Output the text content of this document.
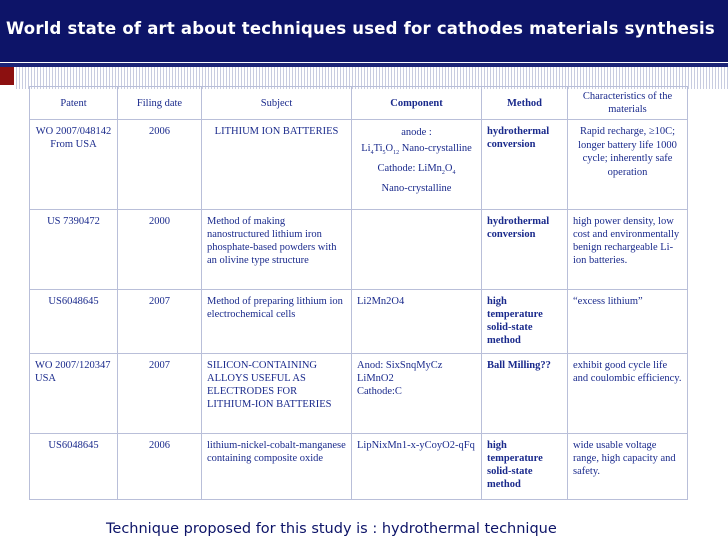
World state of art about techniques used for cathodes materials synthesis
Patent	Filing date	Subject	Component	Method	Characteristics of the materials
WO 2007/048142 From USA	2006	LITHIUM ION BATTERIES	anode :
$Li_4Ti_5O_{12}$ Nano-crystalline
Cathode: $LiMn_2O_4$
Nano-crystalline	hydrothermal conversion	Rapid recharge, ≥10C; longer battery life 1000 cycle; inherently safe operation
US 7390472	2000	Method of making nanostructured lithium iron phosphate-based powders with an olivine type structure		hydrothermal conversion	high power density, low cost and environmentally benign rechargeable Li-ion batteries.
US6048645	2007	Method of preparing lithium ion electrochemical cells	Li2Mn2O4	high temperature solid-state method	“excess lithium”
WO 2007/120347 USA	2007	SILICON-CONTAINING ALLOYS USEFUL AS ELECTRODES FOR LITHIUM-ION BATTERIES	Anod: SixSnqMyCz LiMnO2
Cathode:C	Ball Milling??	exhibit good cycle life and coulombic efficiency.
US6048645	2006	lithium-nickel-cobalt-manganese containing composite oxide	LipNixMn1-x-yCoyO2-qFq	high temperature solid-state method	wide usable voltage range, high capacity and safety.
Technique proposed for this study is : hydrothermal technique
